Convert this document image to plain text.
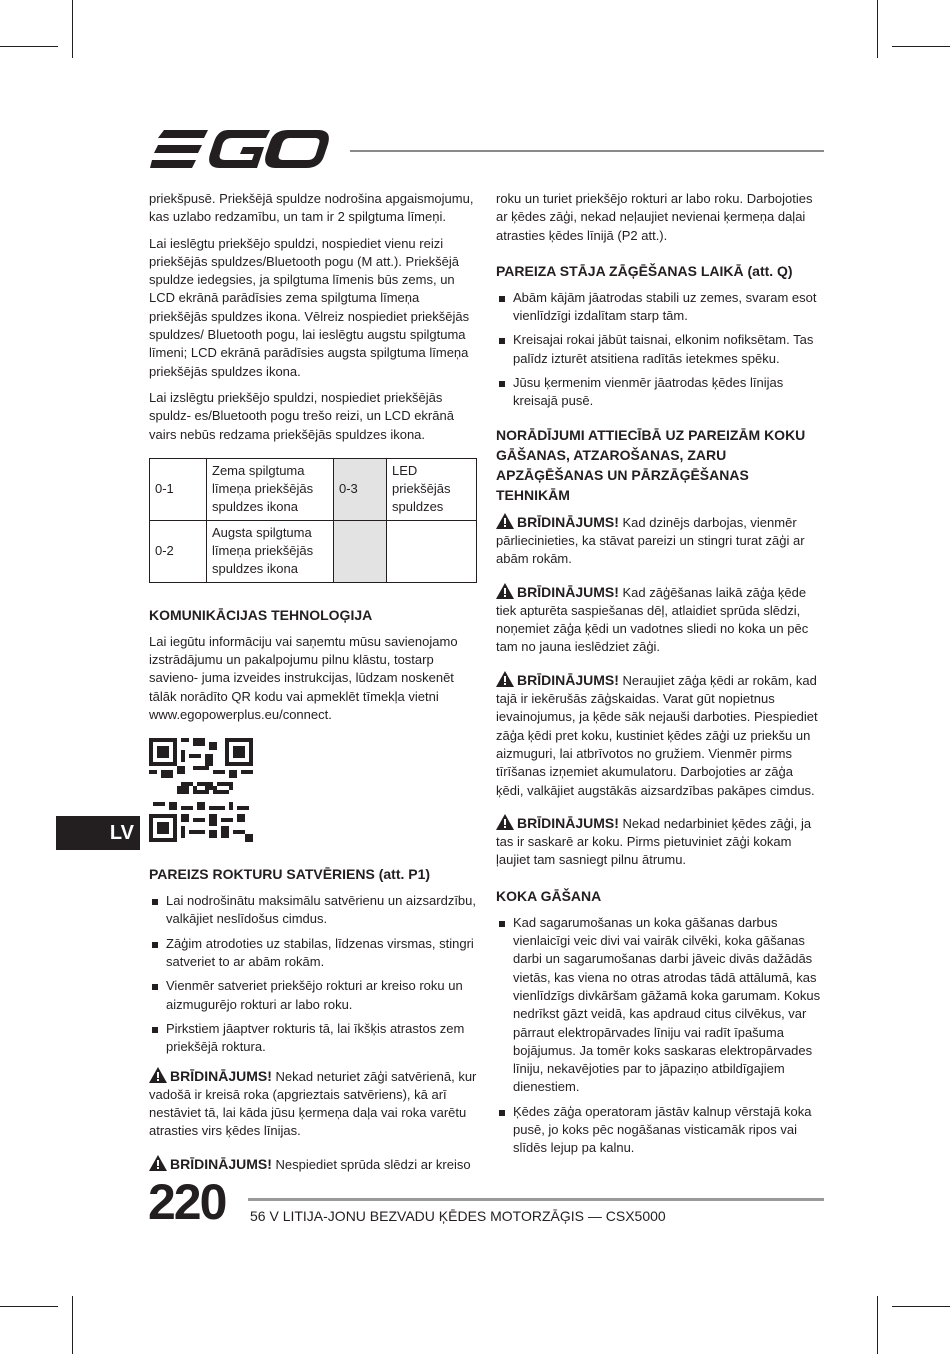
priekšpusē. Priekšējā spuldze nodrošina apgaismojumu, kas uzlabo redzamību, un tam ir 2 spilgtuma līmeņi.

Lai ieslēgtu priekšējo spuldzi, nospiediet vienu reizi priekšējās spuldzes/Bluetooth pogu (M att.). Priekšējā spuldze iedegsies, ja spilgtuma līmenis būs zems, un LCD ekrānā parādīsies zema spilgtuma līmeņa priekšējās spuldzes ikona. Vēlreiz nospiediet priekšējās spuldzes/ Bluetooth pogu, lai ieslēgtu augstu spilgtuma līmeni; LCD ekrānā parādīsies augsta spilgtuma līmeņa priekšējās spuldzes ikona.

Lai izslēgtu priekšējo spuldzi, nospiediet priekšējās spuldz- es/Bluetooth pogu trešo reizi, un LCD ekrānā vairs nebūs redzama priekšējās spuldzes ikona.

0-1	Zema spilgtuma līmeņa priekšējās spuldzes ikona	0-3	LED priekšējās spuldzes
0-2	Augsta spilgtuma līmeņa priekšējās spuldzes ikona		
KOMUNIKĀCIJAS TEHNOLOĢIJA

Lai iegūtu informāciju vai saņemtu mūsu savienojamo izstrādājumu un pakalpojumu pilnu klāstu, tostarp savieno- juma izveides instrukcijas, lūdzam noskenēt tālāk norādīto QR kodu vai apmeklēt tīmekļa vietni www.egopowerplus.eu/connect.

PAREIZS ROKTURU SATVĒRIENS (att. P1)
Lai nodrošinātu maksimālu satvērienu un aizsardzību, valkājiet neslīdošus cimdus.
Zāģim atrodoties uz stabilas, līdzenas virsmas, stingri satveriet to ar abām rokām.
Vienmēr satveriet priekšējo rokturi ar kreiso roku un aizmugurējo rokturi ar labo roku.
Pirkstiem jāaptver rokturis tā, lai īkšķis atrastos zem priekšējā roktura.

BRĪDINĀJUMS! Nekad neturiet zāģi satvērienā, kur vadošā ir kreisā roka (apgrieztais satvēriens), kā arī nestāviet tā, lai kāda jūsu ķermeņa daļa vai roka varētu atrasties virs ķēdes līnijas.

BRĪDINĀJUMS! Nespiediet sprūda slēdzi ar kreiso

roku un turiet priekšējo rokturi ar labo roku. Darbojoties ar ķēdes zāģi, nekad neļaujiet nevienai ķermeņa daļai atrasties ķēdes līnijā (P2 att.).

PAREIZA STĀJA ZĀĢĒŠANAS LAIKĀ (att. Q)
Abām kājām jāatrodas stabili uz zemes, svaram esot vienlīdzīgi izdalītam starp tām.
Kreisajai rokai jābūt taisnai, elkonim nofiksētam. Tas palīdz izturēt atsitiena radītās ietekmes spēku.
Jūsu ķermenim vienmēr jāatrodas ķēdes līnijas kreisajā pusē.
NORĀDĪJUMI ATTIECĪBĀ UZ PAREIZĀM KOKU GĀŠANAS, ATZAROŠANAS, ZARU APZĀĢĒŠANAS UN PĀRZĀĢĒŠANAS TEHNIKĀM

BRĪDINĀJUMS! Kad dzinējs darbojas, vienmēr pārliecinieties, ka stāvat pareizi un stingri turat zāģi ar abām rokām.

BRĪDINĀJUMS! Kad zāģēšanas laikā zāģa ķēde tiek apturēta saspiešanas dēļ, atlaidiet sprūda slēdzi, noņemiet zāģa ķēdi un vadotnes sliedi no koka un pēc tam no jauna ieslēdziet zāģi.

BRĪDINĀJUMS! Neraujiet zāģa ķēdi ar rokām, kad tajā ir iekērušās zāģskaidas. Varat gūt nopietnus ievainojumus, ja ķēde sāk nejauši darboties. Piespiediet zāģa ķēdi pret koku, kustiniet ķēdes zāģi uz priekšu un aizmuguri, lai atbrīvotos no gružiem. Vienmēr pirms tīrīšanas izņemiet akumulatoru. Darbojoties ar zāģa ķēdi, valkājiet augstākās aizsardzības pakāpes cimdus.

BRĪDINĀJUMS! Nekad nedarbiniet ķēdes zāģi, ja tas ir saskarē ar koku. Pirms pietuviniet zāģi kokam ļaujiet tam sasniegt pilnu ātrumu.

KOKA GĀŠANA
Kad sagarumošanas un koka gāšanas darbus vienlaicīgi veic divi vai vairāk cilvēki, koka gāšanas darbi un sagarumošanas darbi jāveic divās dažādās vietās, kas viena no otras atrodas tādā attālumā, kas vienlīdzīgs divkāršam gāžamā koka garumam. Kokus nedrīkst gāzt veidā, kas apdraud citus cilvēkus, var pārraut elektropārvades līniju vai radīt īpašuma bojājumus. Ja tomēr koks saskaras elektropārvades līniju, nekavējoties par to jāpaziņo atbildīgajiem dienestiem.
Ķēdes zāģa operatoram jāstāv kalnup vērstajā koka pusē, jo koks pēc nogāšanas visticamāk ripos vai slīdēs lejup pa kalnu.
LV
220 56 V LITIJA-JONU BEZVADU ĶĒDES MOTORZĀĢIS — CSX5000
